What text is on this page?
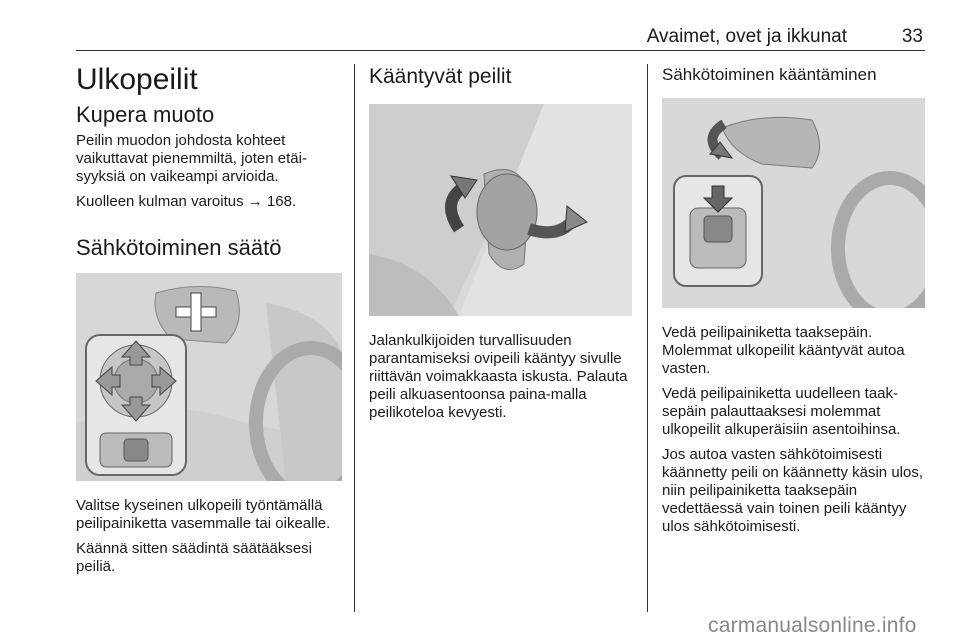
Avaimet, ovet ja ikkunat	33
Ulkopeilit
Kupera muoto

Peilin muodon johdosta kohteet vaikuttavat pienemmiltä, joten etäi-syyksiä on vaikeampi arvioida.

Kuolleen kulman varoitus → 168.

Sähkötoiminen säätö

Valitse kyseinen ulkopeili työntämällä peilipainiketta vasemmalle tai oikealle.

Käännä sitten säädintä säätääksesi peiliä.

Kääntyvät peilit

Jalankulkijoiden turvallisuuden parantamiseksi ovipeili kääntyy sivulle riittävän voimakkaasta iskusta. Palauta peili alkuasentoonsa paina-malla peilikoteloa kevyesti.

Sähkötoiminen kääntäminen

Vedä peilipainiketta taaksepäin. Molemmat ulkopeilit kääntyvät autoa vasten.

Vedä peilipainiketta uudelleen taak-sepäin palauttaaksesi molemmat ulkopeilit alkuperäisiin asentoihinsa.

Jos autoa vasten sähkötoimisesti käännetty peili on käännetty käsin ulos, niin peilipainiketta taaksepäin vedettäessä vain toinen peili kääntyy ulos sähkötoimisesti.

carmanualsonline.info
